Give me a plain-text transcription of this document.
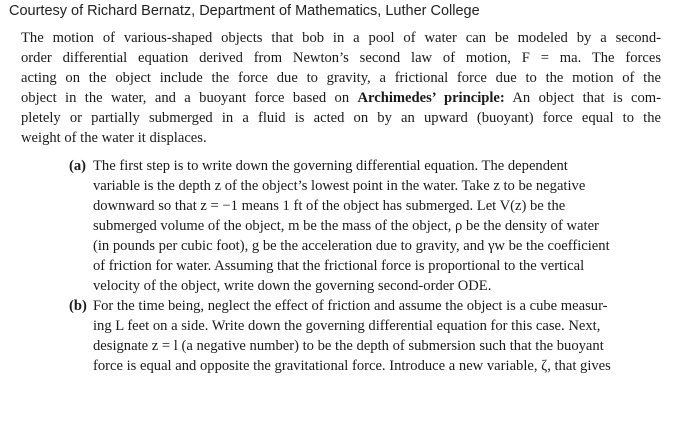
Courtesy of Richard Bernatz, Department of Mathematics, Luther College
The motion of various-shaped objects that bob in a pool of water can be modeled by a second-
order differential equation derived from Newton’s second law of motion, F = ma. The forces
acting on the object include the force due to gravity, a frictional force due to the motion of the
object in the water, and a buoyant force based on Archimedes’ principle: An object that is com-
pletely or partially submerged in a fluid is acted on by an upward (buoyant) force equal to the
weight of the water it displaces.
(a) The first step is to write down the governing differential equation. The dependent
variable is the depth z of the object’s lowest point in the water. Take z to be negative
downward so that z = −1 means 1 ft of the object has submerged. Let V(z) be the
submerged volume of the object, m be the mass of the object, ρ be the density of water
(in pounds per cubic foot), g be the acceleration due to gravity, and γw be the coefficient
of friction for water. Assuming that the frictional force is proportional to the vertical
velocity of the object, write down the governing second-order ODE.
(b) For the time being, neglect the effect of friction and assume the object is a cube measur-
ing L feet on a side. Write down the governing differential equation for this case. Next,
designate z = l (a negative number) to be the depth of submersion such that the buoyant
force is equal and opposite the gravitational force. Introduce a new variable, ζ, that gives
